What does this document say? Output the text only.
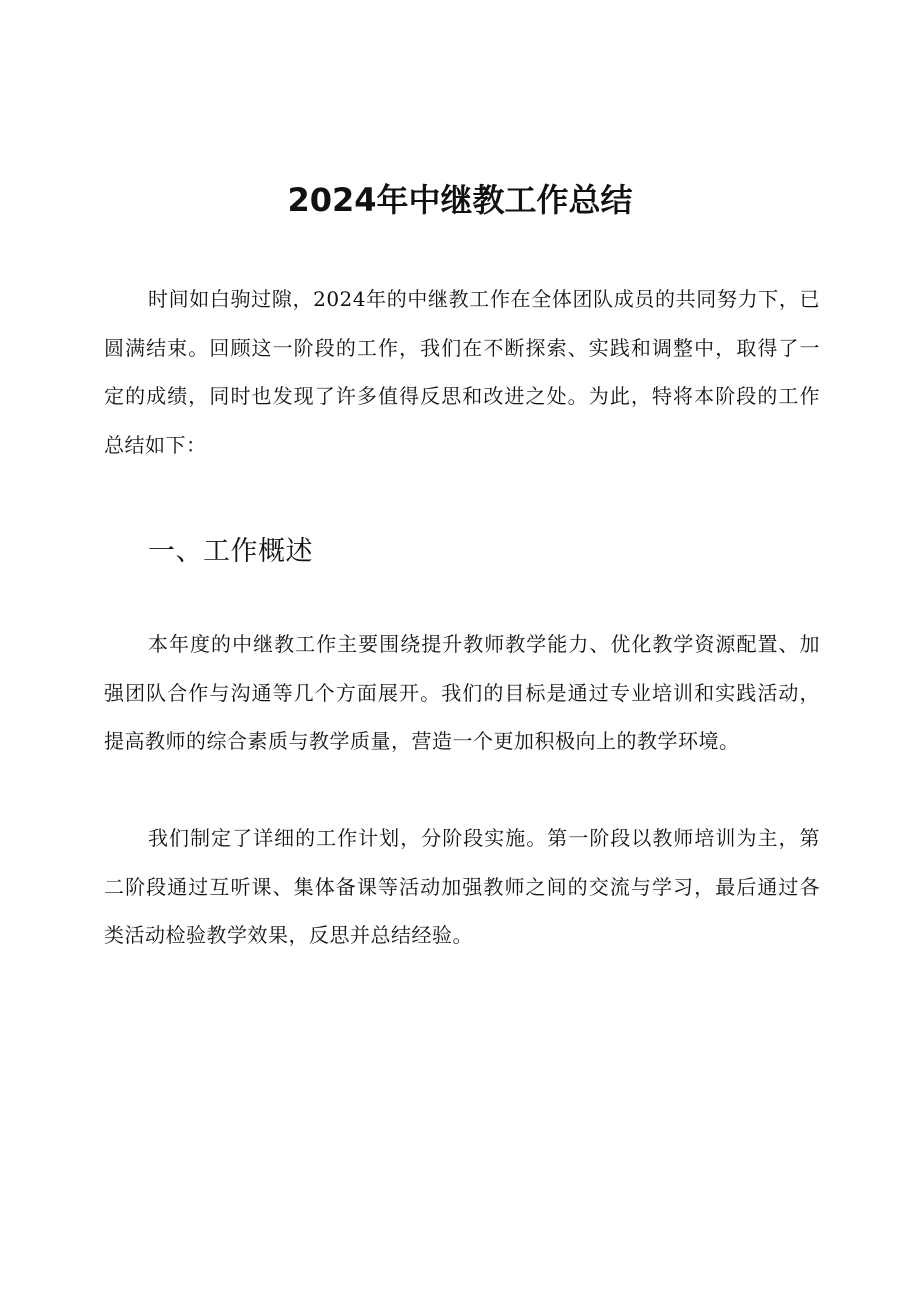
2024年中继教工作总结

时间如白驹过隙，2024年的中继教工作在全体团队成员的共同努力下，已圆满结束。回顾这一阶段的工作，我们在不断探索、实践和调整中，取得了一定的成绩，同时也发现了许多值得反思和改进之处。为此，特将本阶段的工作总结如下：

一、工作概述

本年度的中继教工作主要围绕提升教师教学能力、优化教学资源配置、加强团队合作与沟通等几个方面展开。我们的目标是通过专业培训和实践活动，提高教师的综合素质与教学质量，营造一个更加积极向上的教学环境。

我们制定了详细的工作计划，分阶段实施。第一阶段以教师培训为主，第二阶段通过互听课、集体备课等活动加强教师之间的交流与学习，最后通过各类活动检验教学效果，反思并总结经验。
